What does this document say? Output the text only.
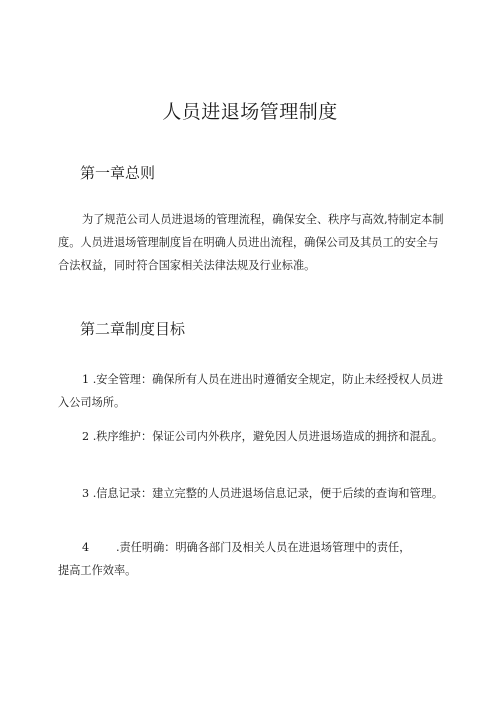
人员进退场管理制度
第一章总则

为了规范公司人员进退场的管理流程，确保安全、秩序与高效,特制定本制度。人员进退场管理制度旨在明确人员进出流程，确保公司及其员工的安全与合法权益，同时符合国家相关法律法规及行业标准。

第二章制度目标

1 .安全管理：确保所有人员在进出时遵循安全规定，防止未经授权人员进入公司场所。

2 .秩序维护：保证公司内外秩序，避免因人员进退场造成的拥挤和混乱。

3 .信息记录：建立完整的人员进退场信息记录，便于后续的查询和管理。

4 .责任明确：明确各部门及相关人员在进退场管理中的责任，
提高工作效率。
